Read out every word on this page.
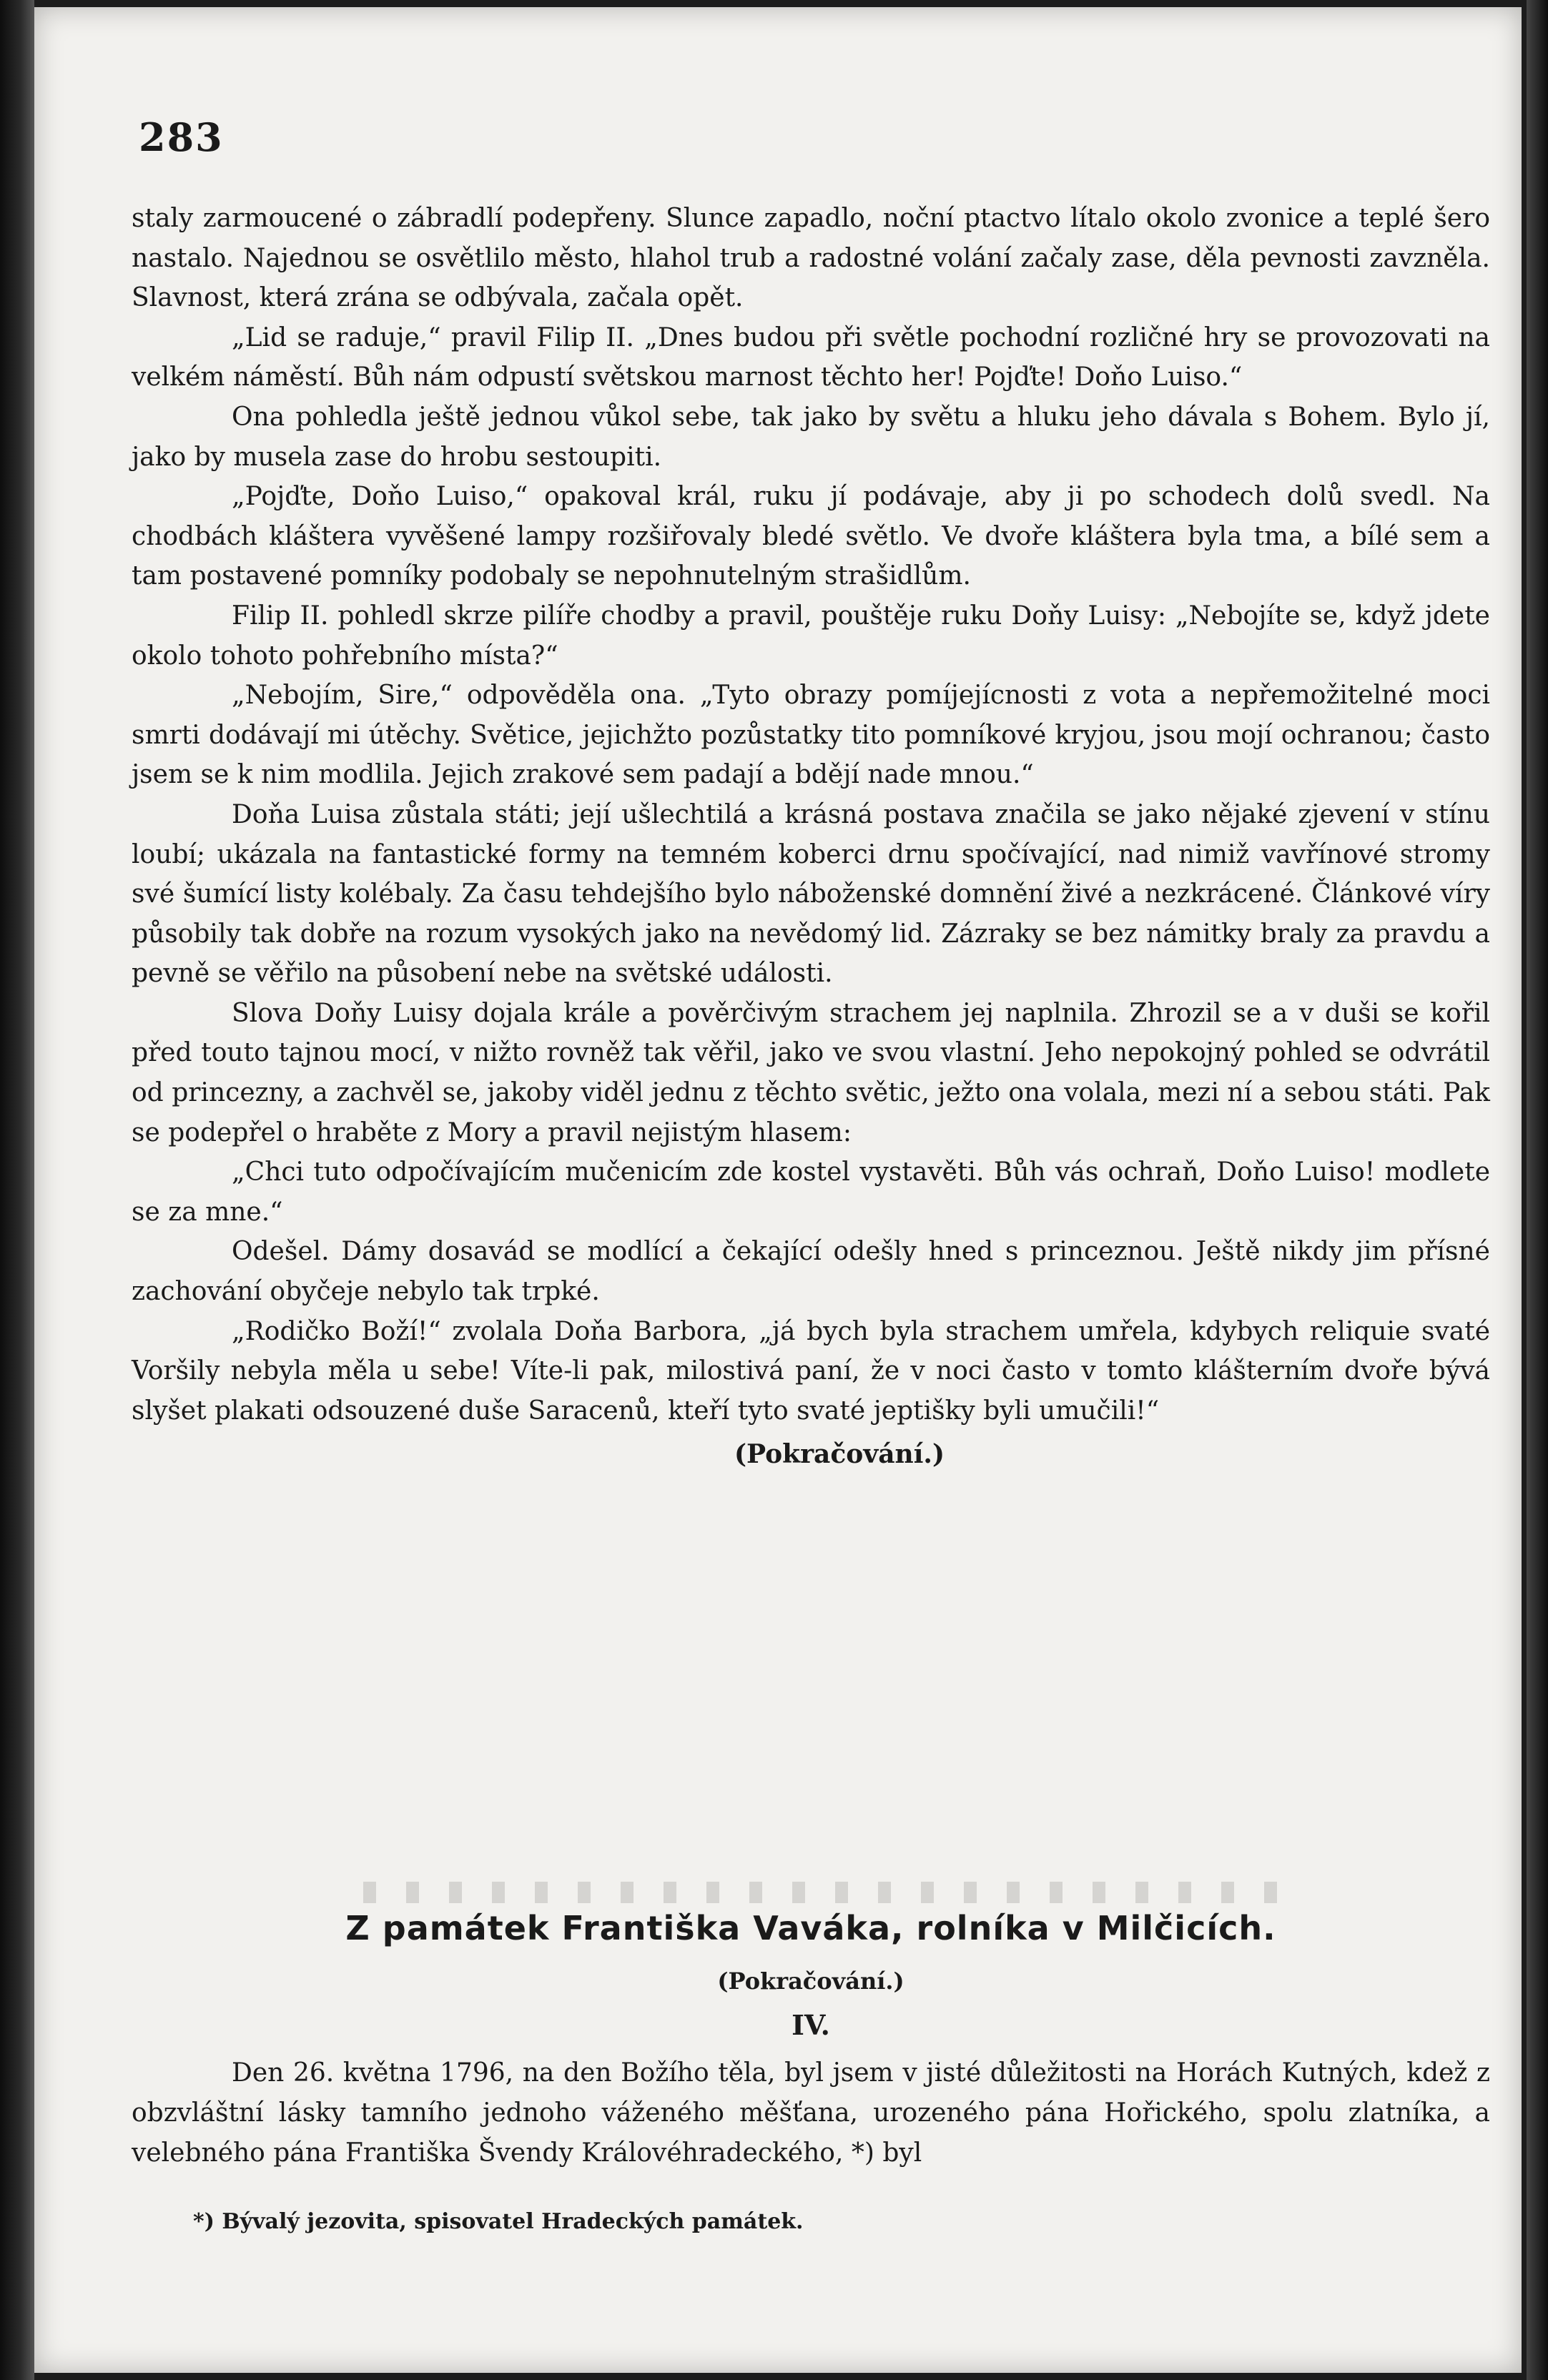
283

staly zarmoucené o zábradlí podepřeny. Slunce zapadlo, noční ptactvo lítalo okolo zvonice a teplé šero nastalo. Najednou se osvětlilo město, hlahol trub a radostné volání začaly zase, děla pevnosti zavzněla. Slavnost, která zrána se odbývala, začala opět.

„Lid se raduje,“ pravil Filip II. „Dnes budou při světle pochodní rozličné hry se provozovati na velkém náměstí. Bůh nám odpustí světskou marnost těchto her! Pojďte! Doňo Luiso.“

Ona pohledla ještě jednou vůkol sebe, tak jako by světu a hluku jeho dávala s Bohem. Bylo jí, jako by musela zase do hrobu sestoupiti.

„Pojďte, Doňo Luiso,“ opakoval král, ruku jí podávaje, aby ji po schodech dolů svedl. Na chodbách kláštera vyvěšené lampy rozšiřovaly bledé světlo. Ve dvoře kláštera byla tma, a bílé sem a tam postavené pomníky podobaly se nepohnutelným strašidlům.

Filip II. pohledl skrze pilíře chodby a pravil, pouštěje ruku Doňy Luisy: „Nebojíte se, když jdete okolo tohoto pohřebního místa?“

„Nebojím, Sire,“ odpověděla ona. „Tyto obrazy pomíjejícnosti z vota a nepřemožitelné moci smrti dodávají mi útěchy. Světice, jejichžto pozůstatky tito pomníkové kryjou, jsou mojí ochranou; často jsem se k nim modlila. Jejich zrakové sem padají a bdějí nade mnou.“

Doňa Luisa zůstala státi; její ušlechtilá a krásná postava značila se jako nějaké zjevení v stínu loubí; ukázala na fantastické formy na temném koberci drnu spočívající, nad nimiž vavřínové stromy své šumící listy kolébaly. Za času tehdejšího bylo náboženské domnění živé a nezkrácené. Článkové víry působily tak dobře na rozum vysokých jako na nevědomý lid. Zázraky se bez námitky braly za pravdu a pevně se věřilo na působení nebe na světské události.

Slova Doňy Luisy dojala krále a pověrčivým strachem jej naplnila. Zhrozil se a v duši se kořil před touto tajnou mocí, v nižto rovněž tak věřil, jako ve svou vlastní. Jeho nepokojný pohled se odvrátil od princezny, a zachvěl se, jakoby viděl jednu z těchto světic, ježto ona volala, mezi ní a sebou státi. Pak se podepřel o hraběte z Mory a pravil nejistým hlasem:

„Chci tuto odpočívajícím mučenicím zde kostel vystavěti. Bůh vás ochraň, Doňo Luiso! modlete se za mne.“

Odešel. Dámy dosavád se modlící a čekající odešly hned s princeznou. Ještě nikdy jim přísné zachování obyčeje nebylo tak trpké.

„Rodičko Boží!“ zvolala Doňa Barbora, „já bych byla strachem umřela, kdybych reliquie svaté Voršily nebyla měla u sebe! Víte-li pak, milostivá paní, že v noci často v tomto klášterním dvoře bývá slyšet plakati odsouzené duše Saracenů, kteří tyto svaté jeptišky byli umučili!“

(Pokračování.)

Z památek Františka Vaváka, rolníka v Milčicích.
(Pokračování.)
IV.

Den 26. května 1796, na den Božího těla, byl jsem v jisté důležitosti na Horách Kutných, kdež z obzvláštní lásky tamního jednoho váženého měšťana, urozeného pána Hořického, spolu zlatníka, a velebného pána Františka Švendy Královéhradeckého, *) byl

*) Bývalý jezovita, spisovatel Hradeckých památek.
